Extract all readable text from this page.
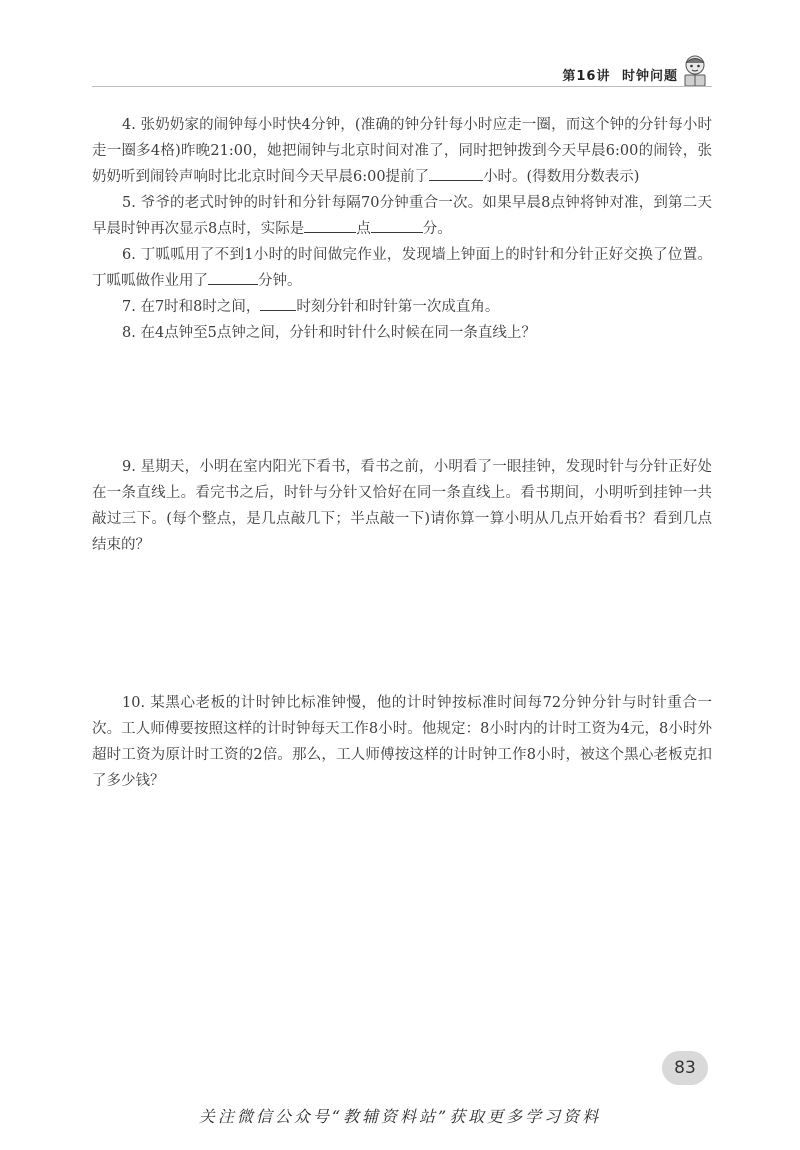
第16讲 时钟问题

4. 张奶奶家的闹钟每小时快4分钟，(准确的钟分针每小时应走一圈，而这个钟的分针每小时走一圈多4格)昨晚21:00，她把闹钟与北京时间对准了，同时把钟拨到今天早晨6:00的闹铃，张奶奶听到闹铃声响时比北京时间今天早晨6:00提前了	小时。(得数用分数表示)

5. 爷爷的老式时钟的时针和分针每隔70分钟重合一次。如果早晨8点钟将钟对准，到第二天早晨时钟再次显示8点时，实际是	点	分。

6. 丁呱呱用了不到1小时的时间做完作业，发现墙上钟面上的时针和分针正好交换了位置。丁呱呱做作业用了	分钟。

7. 在7时和8时之间， 时刻分针和时针第一次成直角。

8. 在4点钟至5点钟之间，分针和时针什么时候在同一条直线上？

9. 星期天，小明在室内阳光下看书，看书之前，小明看了一眼挂钟，发现时针与分针正好处在一条直线上。看完书之后，时针与分针又恰好在同一条直线上。看书期间，小明听到挂钟一共敲过三下。(每个整点，是几点敲几下；半点敲一下)请你算一算小明从几点开始看书？看到几点结束的？

10. 某黑心老板的计时钟比标准钟慢，他的计时钟按标准时间每72分钟分针与时针重合一次。工人师傅要按照这样的计时钟每天工作8小时。他规定：8小时内的计时工资为4元，8小时外超时工资为原计时工资的2倍。那么，工人师傅按这样的计时钟工作8小时，被这个黑心老板克扣了多少钱？

83
关注微信公众号“教辅资料站”获取更多学习资料
